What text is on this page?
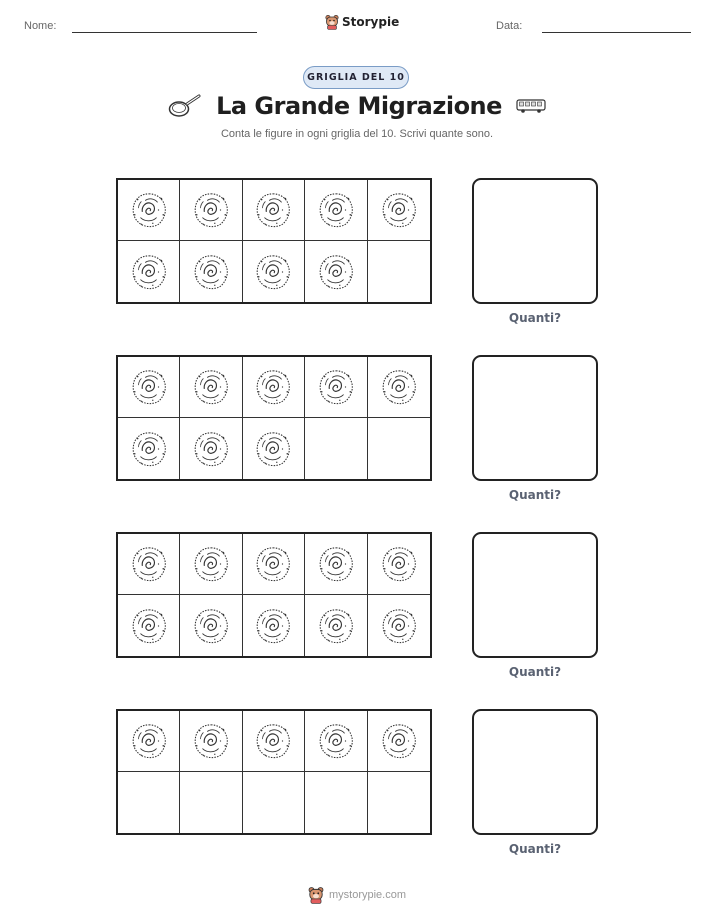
Nome:	Storypie	Data:
GRIGLIA DEL 10
La Grande Migrazione
Conta le figure in ogni griglia del 10. Scrivi quante sono.
Quanti?
Quanti?
Quanti?
Quanti?
mystorypie.com
